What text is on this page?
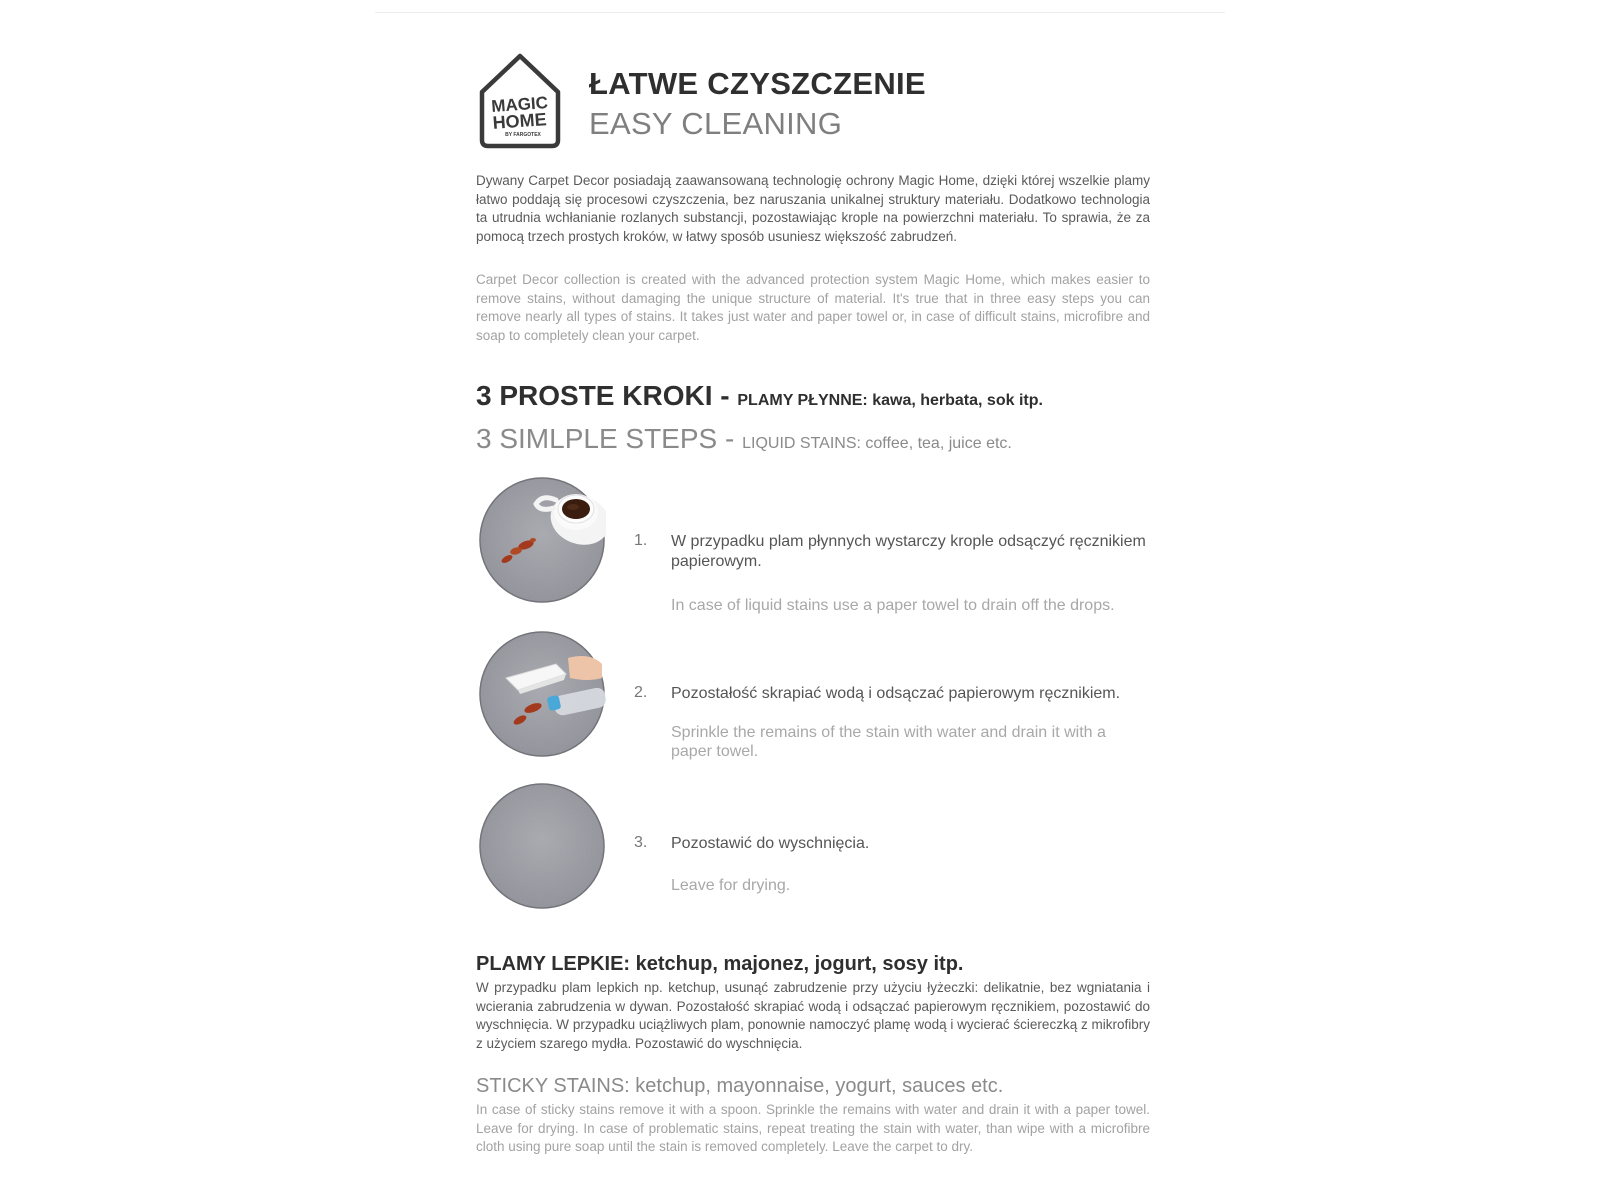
MAGIC
HOME
BY FARGOTEX
ŁATWE CZYSZCZENIE
EASY CLEANING

Dywany Carpet Decor posiadają zaawansowaną technologię ochrony Magic Home, dzięki której wszelkie plamy łatwo poddają się procesowi czyszczenia, bez naruszania unikalnej struktury materiału. Dodatkowo technologia ta utrudnia wchłanianie rozlanych substancji, pozostawiając krople na powierzchni materiału. To sprawia, że za pomocą trzech prostych kroków, w łatwy sposób usuniesz większość zabrudzeń.

Carpet Decor collection is created with the advanced protection system Magic Home, which makes easier to remove stains, without damaging the unique structure of material. It's true that in three easy steps you can remove nearly all types of stains. It takes just water and paper towel or, in case of difficult stains, microfibre and soap to completely clean your carpet.

3 PROSTE KROKI - PLAMY PŁYNNE: kawa, herbata, sok itp.
3 SIMLPLE STEPS - LIQUID STAINS: coffee, tea, juice etc.
1. W przypadku plam płynnych wystarczy krople odsączyć ręcznikiem papierowym.

In case of liquid stains use a paper towel to drain off the drops.

2. Pozostałość skrapiać wodą i odsączać papierowym ręcznikiem.

Sprinkle the remains of the stain with water and drain it with a paper towel.

3. Pozostawić do wyschnięcia.

Leave for drying.

PLAMY LEPKIE: ketchup, majonez, jogurt, sosy itp.

W przypadku plam lepkich np. ketchup, usunąć zabrudzenie przy użyciu łyżeczki: delikatnie, bez wgniatania i wcierania zabrudzenia w dywan. Pozostałość skrapiać wodą i odsączać papierowym ręcznikiem, pozostawić do wyschnięcia. W przypadku uciążliwych plam, ponownie namoczyć plamę wodą i wycierać ściereczką z mikrofibry z użyciem szarego mydła. Pozostawić do wyschnięcia.

STICKY STAINS: ketchup, mayonnaise, yogurt, sauces etc.

In case of sticky stains remove it with a spoon. Sprinkle the remains with water and drain it with a paper towel. Leave for drying. In case of problematic stains, repeat treating the stain with water, than wipe with a microfibre cloth using pure soap until the stain is removed completely. Leave the carpet to dry.
